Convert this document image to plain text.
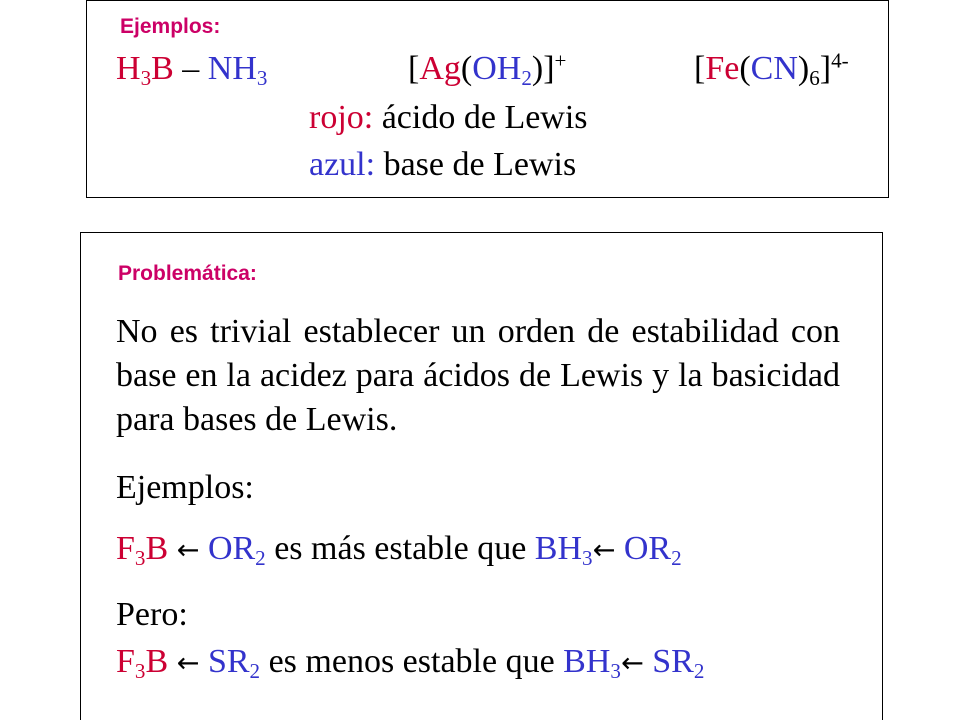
Ejemplos:
$H_3B - NH_3$	$[Ag(OH_2)]^+$	$[Fe(CN)_6]^{4-}$
rojo: ácido de Lewis
azul: base de Lewis
Problemática:
No es trivial establecer un orden de estabilidad con base en la acidez para ácidos de Lewis y la basicidad para bases de Lewis.
Ejemplos:
$F_3B$ ← $OR_2$ es más estable que $BH_3\leftarrow$ $OR_2$
Pero:
$F_3B$ ← $SR_2$ es menos estable que $BH_3\leftarrow$ $SR_2$
